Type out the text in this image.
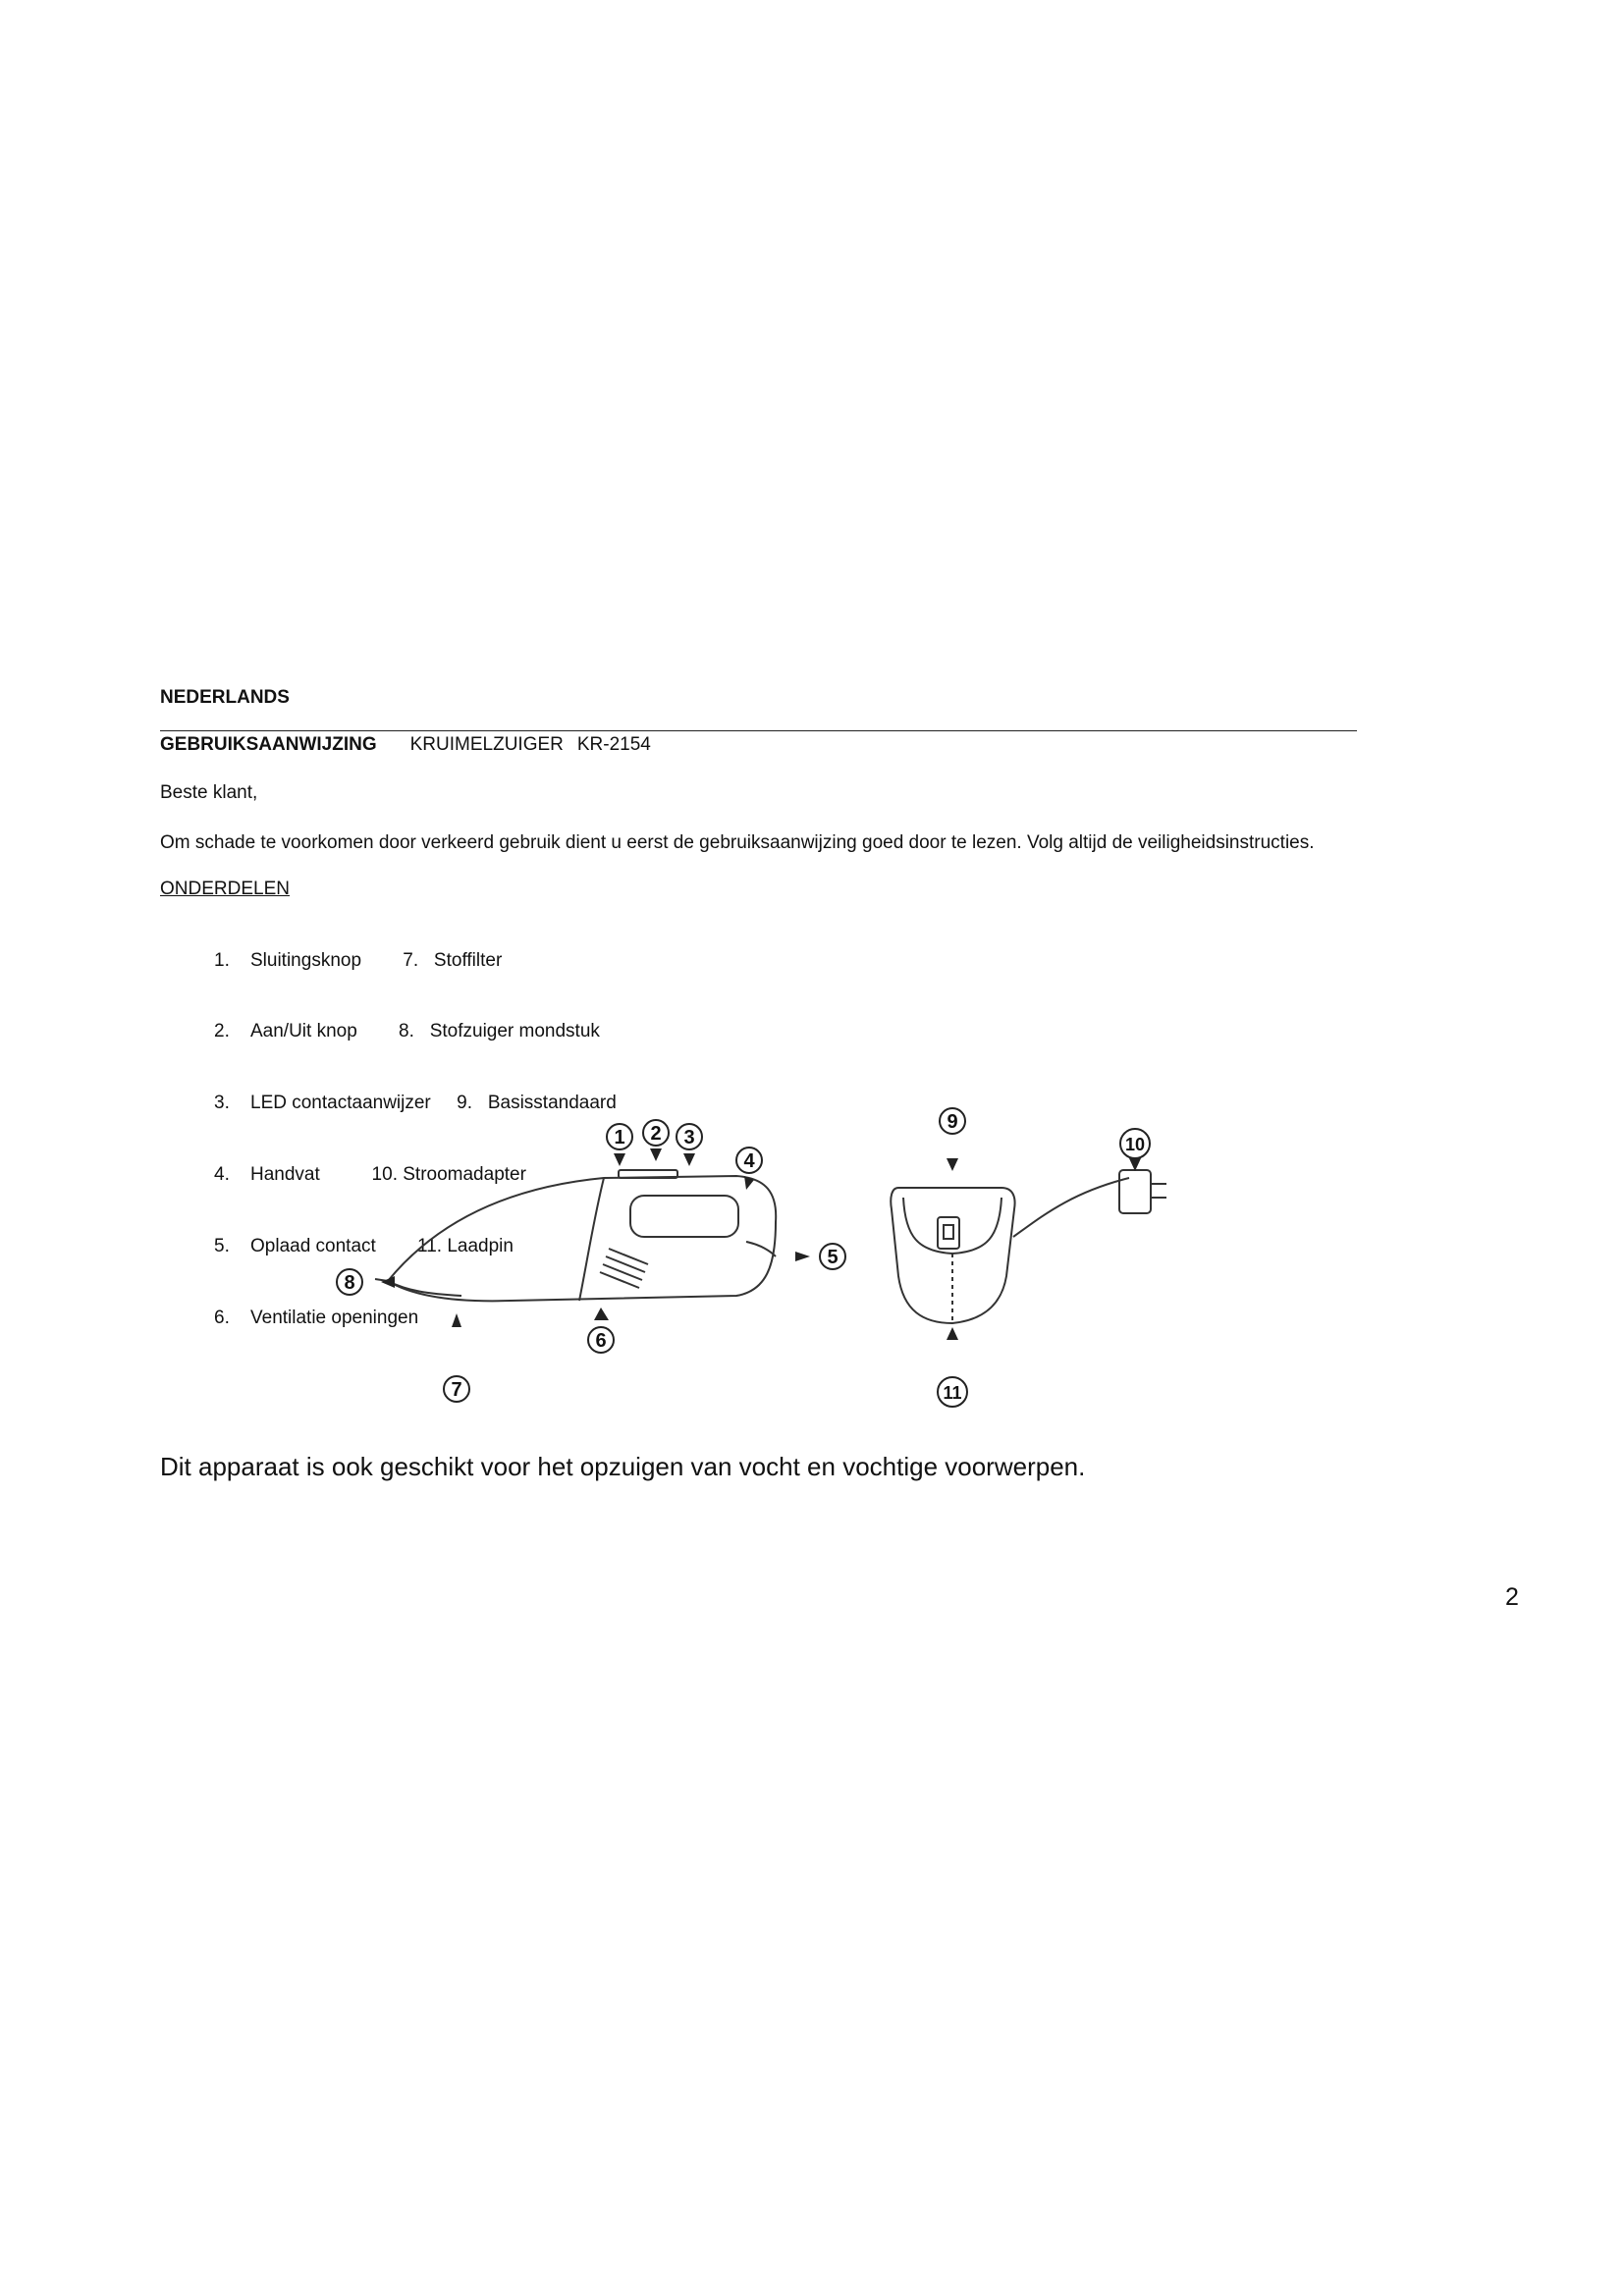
NEDERLANDS
GEBRUIKSAANWIJZING KRUIMELZUIGER KR-2154
Beste klant,
Om schade te voorkomen door verkeerd gebruik dient u eerst de gebruiksaanwijzing goed door te lezen. Volg altijd de veiligheidsinstructies.
ONDERDELEN

1. Sluitingsknop        7.   Stoffilter

2. Aan/Uit knop        8.   Stofzuiger mondstuk

3. LED contactaanwijzer     9.   Basisstandaard

4. Handvat          10. Stroomadapter

5. Oplaad contact        11. Laadpin

6. Ventilatie openingen

1 2 3
4
5
6
7
8
9
10
11
Dit apparaat is ook geschikt voor het opzuigen van vocht en vochtige voorwerpen.
2
